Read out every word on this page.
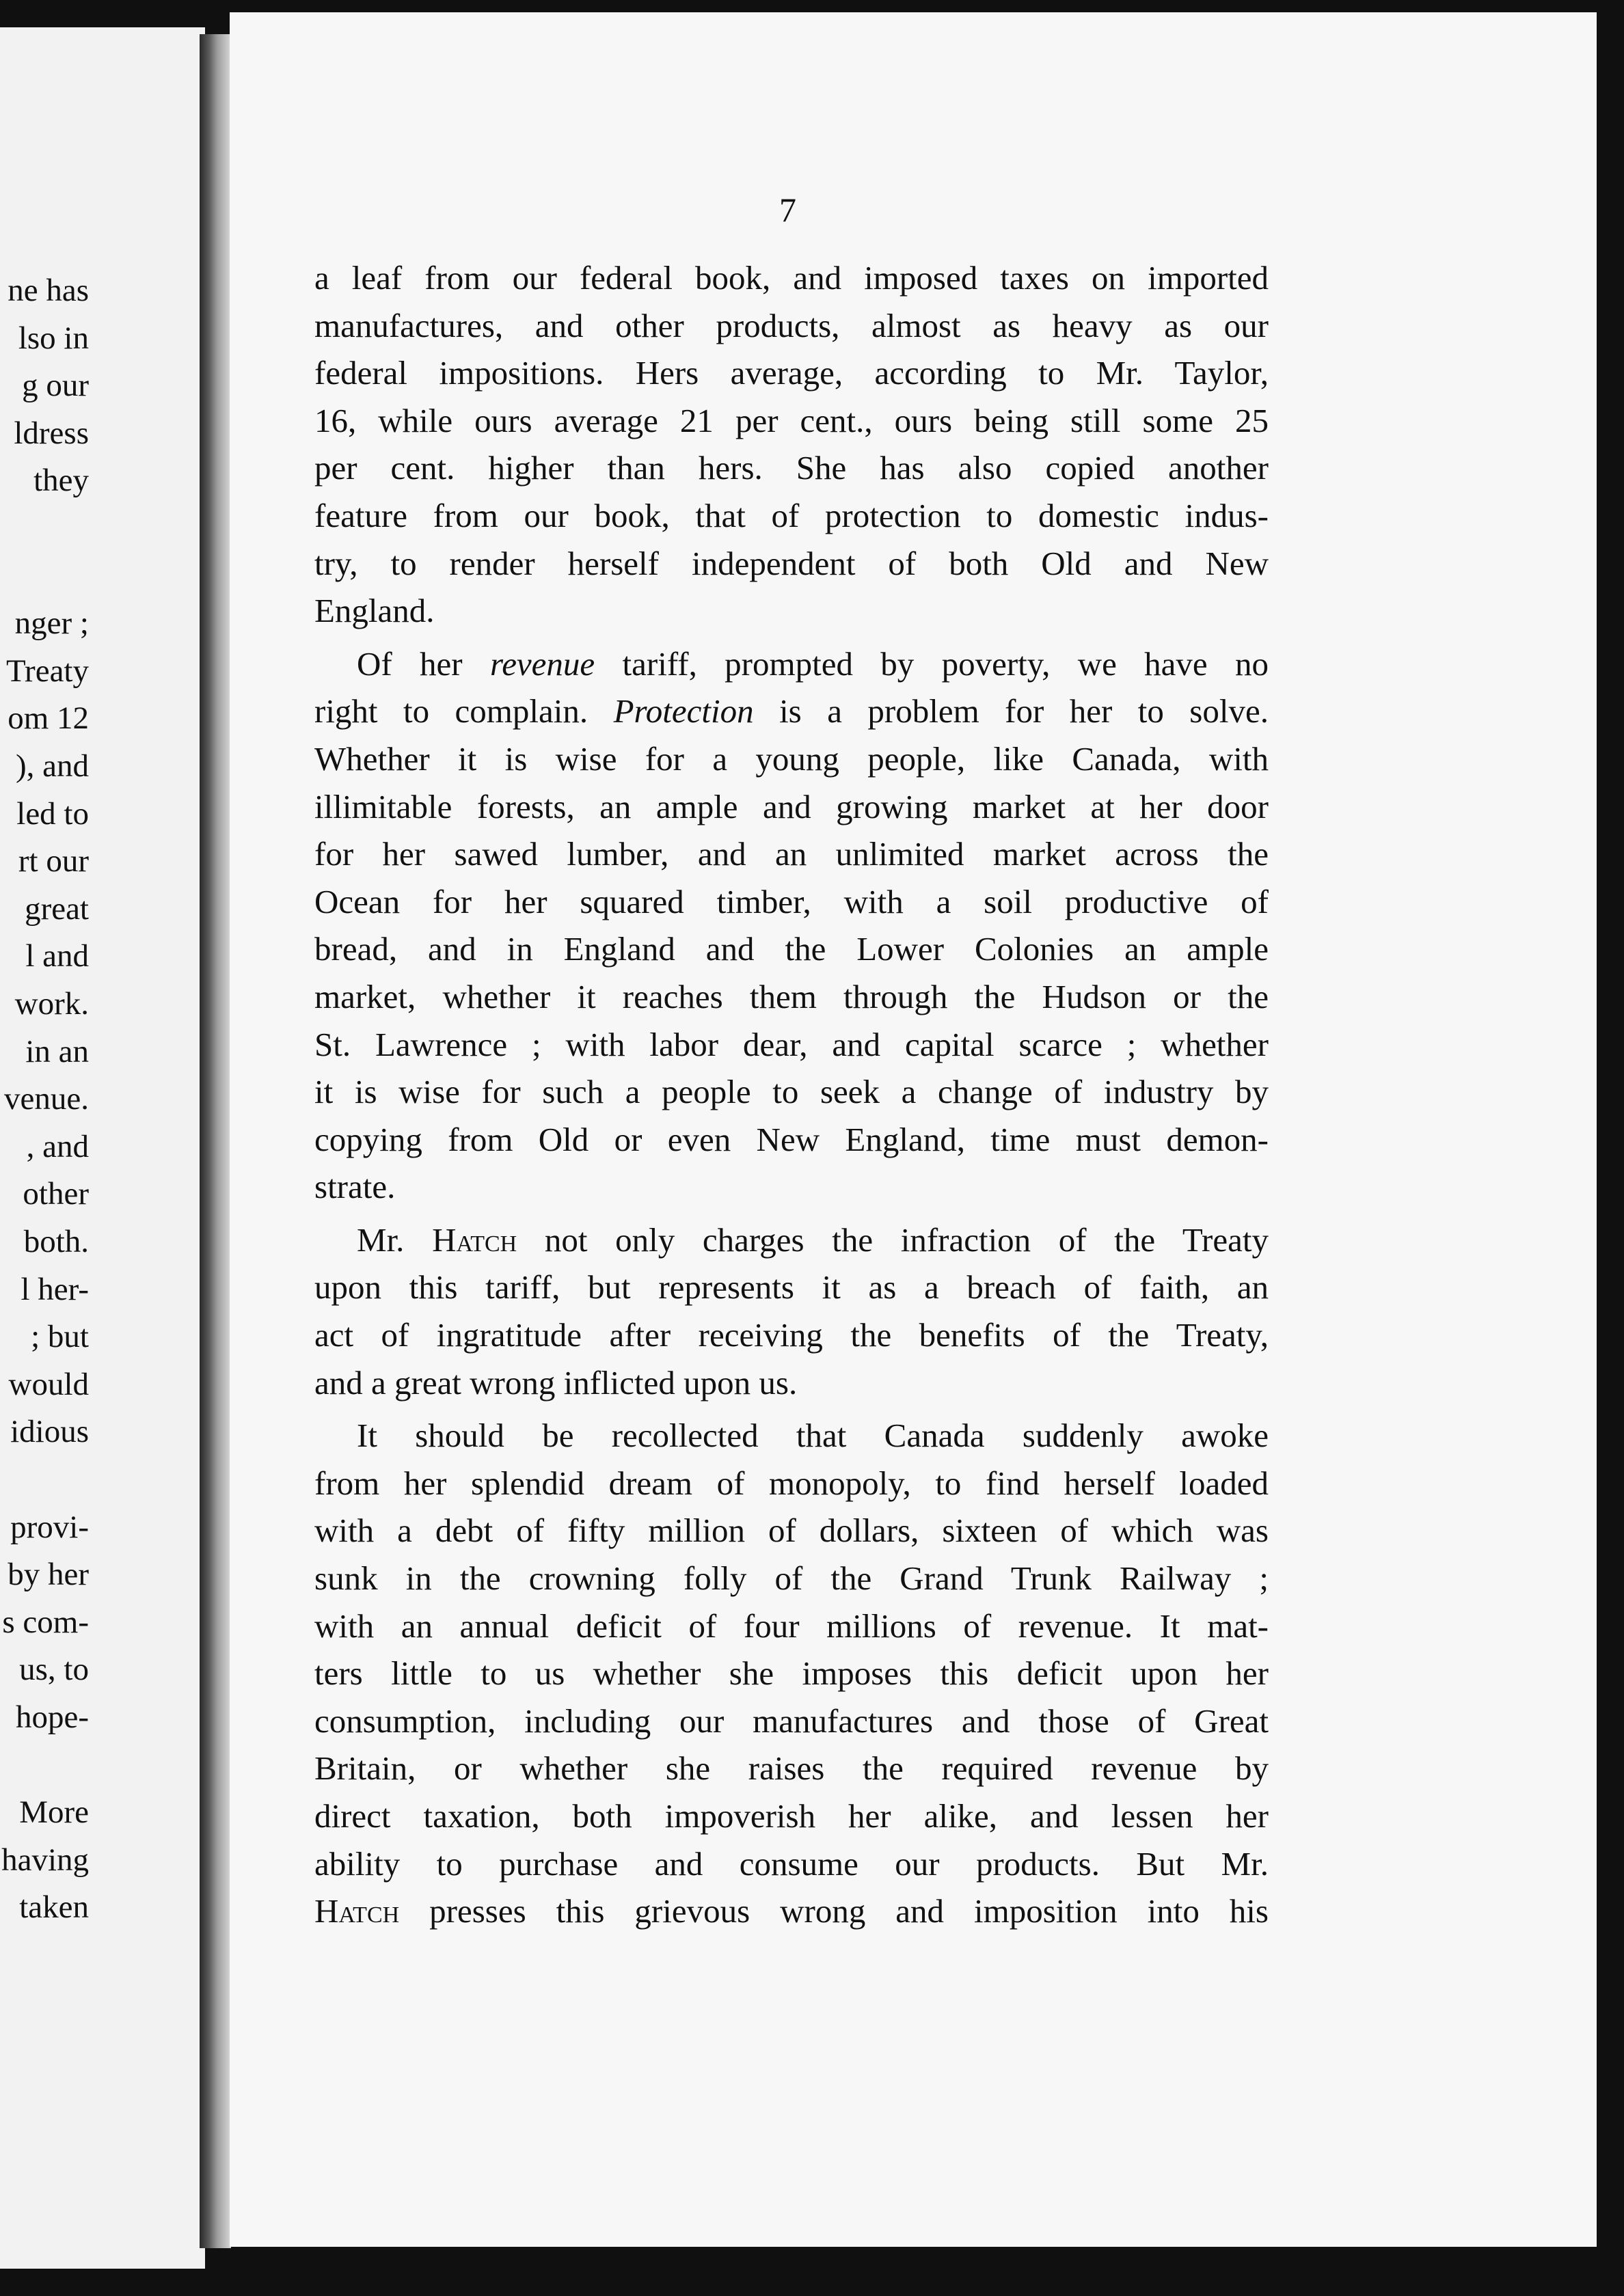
ne has
lso in
g our
ldress
they
nger ;
Treaty
om 12
), and
led to
rt our
great
l and
work.
in an
venue.
, and
other
both.
l her-
; but
would
idious
provi-
by her
s com-
us, to
hope-
More
having
taken
7
a leaf from our federal book, and imposed taxes on imported
manufactures, and other products, almost as heavy as our
federal impositions. Hers average, according to Mr. Taylor,
16, while ours average 21 per cent., ours being still some 25
per cent. higher than hers. She has also copied another
feature from our book, that of protection to domestic indus-
try, to render herself independent of both Old and New
England.
Of her revenue tariff, prompted by poverty, we have no
right to complain. Protection is a problem for her to solve.
Whether it is wise for a young people, like Canada, with
illimitable forests, an ample and growing market at her door
for her sawed lumber, and an unlimited market across the
Ocean for her squared timber, with a soil productive of
bread, and in England and the Lower Colonies an ample
market, whether it reaches them through the Hudson or the
St. Lawrence ; with labor dear, and capital scarce ; whether
it is wise for such a people to seek a change of industry by
copying from Old or even New England, time must demon-
strate.
Mr. Hatch not only charges the infraction of the Treaty
upon this tariff, but represents it as a breach of faith, an
act of ingratitude after receiving the benefits of the Treaty,
and a great wrong inflicted upon us.
It should be recollected that Canada suddenly awoke
from her splendid dream of monopoly, to find herself loaded
with a debt of fifty million of dollars, sixteen of which was
sunk in the crowning folly of the Grand Trunk Railway ;
with an annual deficit of four millions of revenue. It mat-
ters little to us whether she imposes this deficit upon her
consumption, including our manufactures and those of Great
Britain, or whether she raises the required revenue by
direct taxation, both impoverish her alike, and lessen her
ability to purchase and consume our products. But Mr.
Hatch presses this grievous wrong and imposition into his
